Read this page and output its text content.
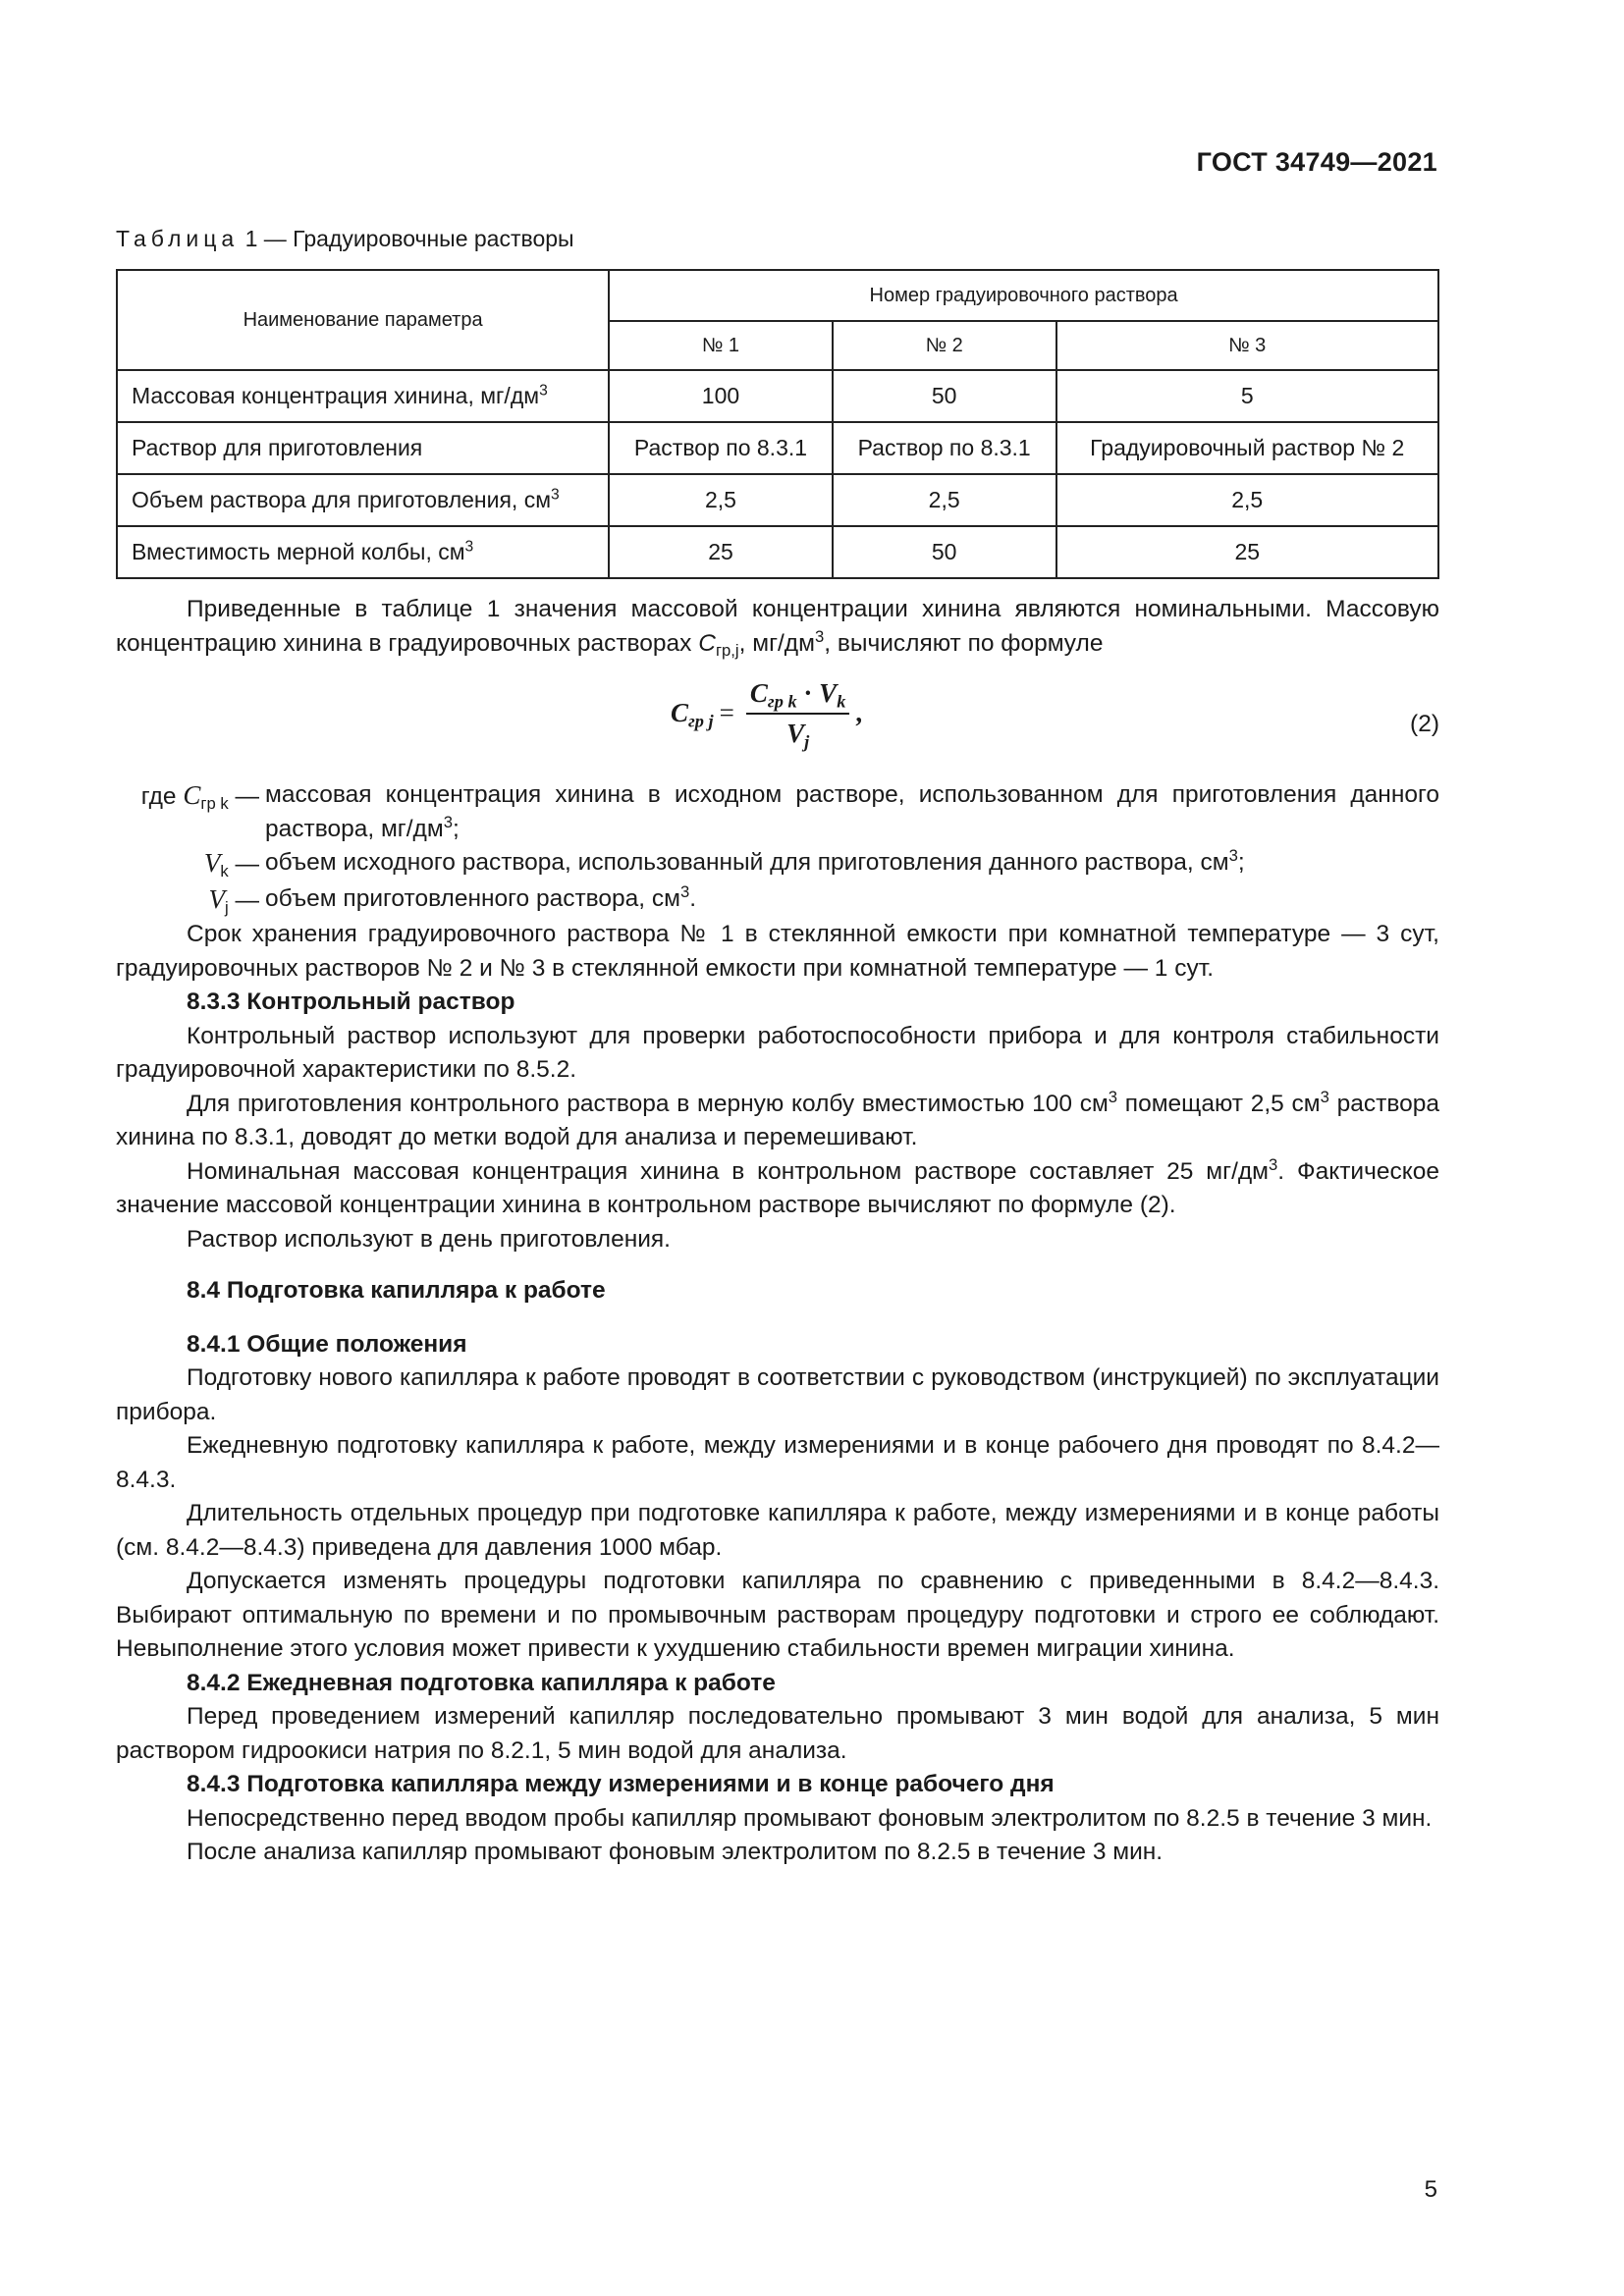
ГОСТ 34749—2021
Таблица 1 — Градуировочные растворы
Наименование параметра	Номер градуировочного раствора		
	№ 1	№ 2	№ 3
Массовая концентрация хинина, $мг/дм^3$	100	50	5
Раствор для приготовления	Раствор по 8.3.1	Раствор по 8.3.1	Градуировочный раствор № 2
Объем раствора для приготовления, $см^3$	2,5	2,5	2,5
Вместимость мерной колбы, $см^3$	25	50	25

Приведенные в таблице 1 значения массовой концентрации хинина являются номинальными. Массовую концентрацию хинина в градуировочных растворах $C_{гр,j}$, $мг/дм^3$, вычисляют по формуле

$C_{гр j} = \frac{C_{гр k} \cdot V_k}{V_j}$ ,	(2)
где $C_{гр k}$ — массовая концентрация хинина в исходном растворе, использованном для приготовления данного раствора, $мг/дм^3$;
$V_k$ — объем исходного раствора, использованный для приготовления данного раствора, $см^3$;
$V_j$ — объем приготовленного раствора, $см^3$.

Срок хранения градуировочного раствора № 1 в стеклянной емкости при комнатной температуре — 3 сут, градуировочных растворов № 2 и № 3 в стеклянной емкости при комнатной температуре — 1 сут.

8.3.3 Контрольный раствор

Контрольный раствор используют для проверки работоспособности прибора и для контроля стабильности градуировочной характеристики по 8.5.2.

Для приготовления контрольного раствора в мерную колбу вместимостью 100 $см^3$ помещают 2,5 $см^3$ раствора хинина по 8.3.1, доводят до метки водой для анализа и перемешивают.

Номинальная массовая концентрация хинина в контрольном растворе составляет 25 $мг/дм^3$. Фактическое значение массовой концентрации хинина в контрольном растворе вычисляют по формуле (2).

Раствор используют в день приготовления.

8.4 Подготовка капилляра к работе
8.4.1 Общие положения

Подготовку нового капилляра к работе проводят в соответствии с руководством (инструкцией) по эксплуатации прибора.

Ежедневную подготовку капилляра к работе, между измерениями и в конце рабочего дня проводят по 8.4.2—8.4.3.

Длительность отдельных процедур при подготовке капилляра к работе, между измерениями и в конце работы (см. 8.4.2—8.4.3) приведена для давления 1000 мбар.

Допускается изменять процедуры подготовки капилляра по сравнению с приведенными в 8.4.2—8.4.3. Выбирают оптимальную по времени и по промывочным растворам процедуру подготовки и строго ее соблюдают. Невыполнение этого условия может привести к ухудшению стабильности времен миграции хинина.

8.4.2 Ежедневная подготовка капилляра к работе

Перед проведением измерений капилляр последовательно промывают 3 мин водой для анализа, 5 мин раствором гидроокиси натрия по 8.2.1, 5 мин водой для анализа.

8.4.3 Подготовка капилляра между измерениями и в конце рабочего дня

Непосредственно перед вводом пробы капилляр промывают фоновым электролитом по 8.2.5 в течение 3 мин.

После анализа капилляр промывают фоновым электролитом по 8.2.5 в течение 3 мин.

5
